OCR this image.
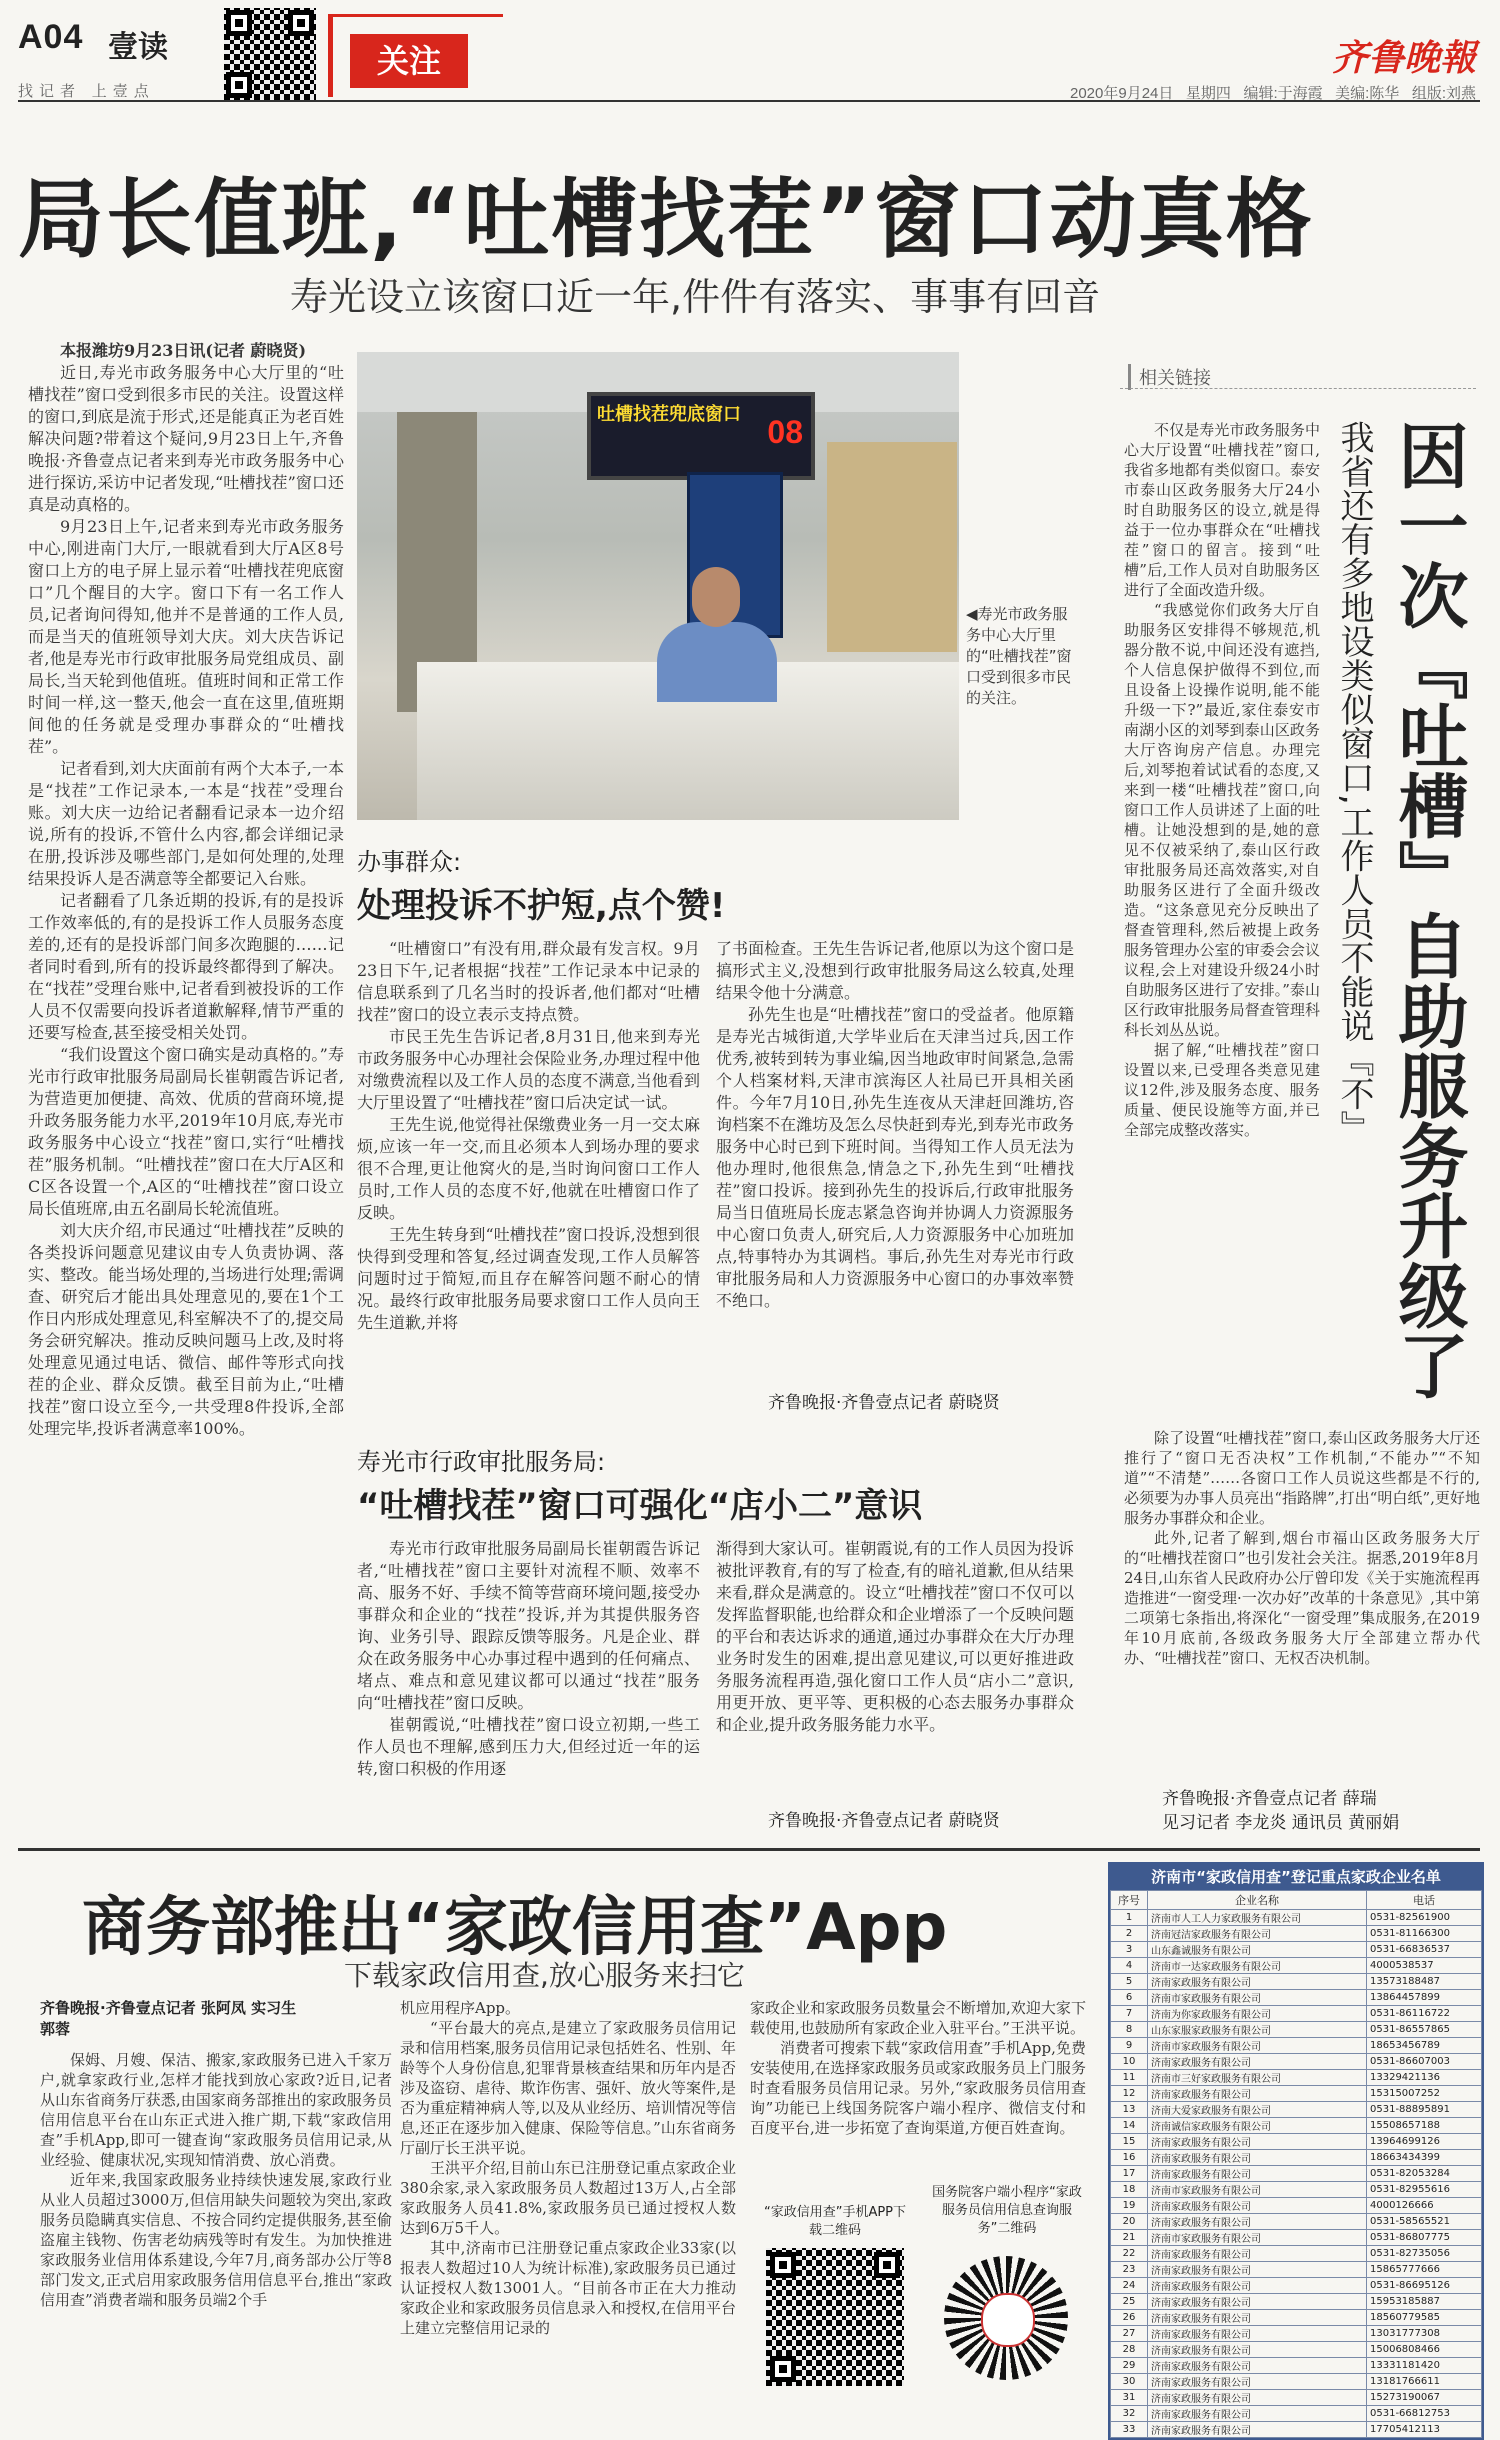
A04 壹读
找记者 上壹点
关注	齐鲁晚報
2020年9月24日 星期四 编辑:于海霞 美编:陈华 组版:刘燕
局长值班,“吐槽找茬”窗口动真格
寿光设立该窗口近一年,件件有落实、事事有回音

本报潍坊9月23日讯(记者 蔚晓贤)

近日,寿光市政务服务中心大厅里的“吐槽找茬”窗口受到很多市民的关注。设置这样的窗口,到底是流于形式,还是能真正为老百姓解决问题?带着这个疑问,9月23日上午,齐鲁晚报·齐鲁壹点记者来到寿光市政务服务中心进行探访,采访中记者发现,“吐槽找茬”窗口还真是动真格的。

9月23日上午,记者来到寿光市政务服务中心,刚进南门大厅,一眼就看到大厅A区8号窗口上方的电子屏上显示着“吐槽找茬兜底窗口”几个醒目的大字。窗口下有一名工作人员,记者询问得知,他并不是普通的工作人员,而是当天的值班领导刘大庆。刘大庆告诉记者,他是寿光市行政审批服务局党组成员、副局长,当天轮到他值班。值班时间和正常工作时间一样,这一整天,他会一直在这里,值班期间他的任务就是受理办事群众的“吐槽找茬”。

记者看到,刘大庆面前有两个大本子,一本是“找茬”工作记录本,一本是“找茬”受理台账。刘大庆一边给记者翻看记录本一边介绍说,所有的投诉,不管什么内容,都会详细记录在册,投诉涉及哪些部门,是如何处理的,处理结果投诉人是否满意等全都要记入台账。

记者翻看了几条近期的投诉,有的是投诉工作效率低的,有的是投诉工作人员服务态度差的,还有的是投诉部门间多次跑腿的……记者同时看到,所有的投诉最终都得到了解决。在“找茬”受理台账中,记者看到被投诉的工作人员不仅需要向投诉者道歉解释,情节严重的还要写检查,甚至接受相关处罚。

“我们设置这个窗口确实是动真格的。”寿光市行政审批服务局副局长崔朝霞告诉记者,为营造更加便捷、高效、优质的营商环境,提升政务服务能力水平,2019年10月底,寿光市政务服务中心设立“找茬”窗口,实行“吐槽找茬”服务机制。“吐槽找茬”窗口在大厅A区和C区各设置一个,A区的“吐槽找茬”窗口设立局长值班席,由五名副局长轮流值班。

刘大庆介绍,市民通过“吐槽找茬”反映的各类投诉问题意见建议由专人负责协调、落实、整改。能当场处理的,当场进行处理;需调查、研究后才能出具处理意见的,要在1个工作日内形成处理意见,科室解决不了的,提交局务会研究解决。推动反映问题马上改,及时将处理意见通过电话、微信、邮件等形式向找茬的企业、群众反馈。截至目前为止,“吐槽找茬”窗口设立至今,一共受理8件投诉,全部处理完毕,投诉者满意率100%。

吐槽找茬兜底窗口 08
◀寿光市政务服务中心大厅里的“吐槽找茬”窗口受到很多市民的关注。
办事群众:
处理投诉不护短,点个赞!

“吐槽窗口”有没有用,群众最有发言权。9月23日下午,记者根据“找茬”工作记录本中记录的信息联系到了几名当时的投诉者,他们都对“吐槽找茬”窗口的设立表示支持点赞。

市民王先生告诉记者,8月31日,他来到寿光市政务服务中心办理社会保险业务,办理过程中他对缴费流程以及工作人员的态度不满意,当他看到大厅里设置了“吐槽找茬”窗口后决定试一试。

王先生说,他觉得社保缴费业务一月一交太麻烦,应该一年一交,而且必须本人到场办理的要求很不合理,更让他窝火的是,当时询问窗口工作人员时,工作人员的态度不好,他就在吐槽窗口作了反映。

王先生转身到“吐槽找茬”窗口投诉,没想到很快得到受理和答复,经过调查发现,工作人员解答问题时过于简短,而且存在解答问题不耐心的情况。最终行政审批服务局要求窗口工作人员向王先生道歉,并将

了书面检查。王先生告诉记者,他原以为这个窗口是搞形式主义,没想到行政审批服务局这么较真,处理结果令他十分满意。

孙先生也是“吐槽找茬”窗口的受益者。他原籍是寿光古城街道,大学毕业后在天津当过兵,因工作优秀,被转到转为事业编,因当地政审时间紧急,急需个人档案材料,天津市滨海区人社局已开具相关函件。今年7月10日,孙先生连夜从天津赶回潍坊,咨询档案不在潍坊及怎么尽快赶到寿光,到寿光市政务服务中心时已到下班时间。当得知工作人员无法为他办理时,他很焦急,情急之下,孙先生到“吐槽找茬”窗口投诉。接到孙先生的投诉后,行政审批服务局当日值班局长庞志紧急咨询并协调人力资源服务中心窗口负责人,研究后,人力资源服务中心加班加点,特事特办为其调档。事后,孙先生对寿光市行政审批服务局和人力资源服务中心窗口的办事效率赞不绝口。

齐鲁晚报·齐鲁壹点记者 蔚晓贤
寿光市行政审批服务局:
“吐槽找茬”窗口可强化“店小二”意识

寿光市行政审批服务局副局长崔朝霞告诉记者,“吐槽找茬”窗口主要针对流程不顺、效率不高、服务不好、手续不简等营商环境问题,接受办事群众和企业的“找茬”投诉,并为其提供服务咨询、业务引导、跟踪反馈等服务。凡是企业、群众在政务服务中心办事过程中遇到的任何痛点、堵点、难点和意见建议都可以通过“找茬”服务向“吐槽找茬”窗口反映。

崔朝霞说,“吐槽找茬”窗口设立初期,一些工作人员也不理解,感到压力大,但经过近一年的运转,窗口积极的作用逐

渐得到大家认可。崔朝霞说,有的工作人员因为投诉被批评教育,有的写了检查,有的暗礼道歉,但从结果来看,群众是满意的。设立“吐槽找茬”窗口不仅可以发挥监督职能,也给群众和企业增添了一个反映问题的平台和表达诉求的通道,通过办事群众在大厅办理业务时发生的困难,提出意见建议,可以更好推进政务服务流程再造,强化窗口工作人员“店小二”意识,用更开放、更平等、更积极的心态去服务办事群众和企业,提升政务服务能力水平。

齐鲁晚报·齐鲁壹点记者 蔚晓贤
相关链接
因一次『吐槽』自助服务升级了
我省还有多地设类似窗口,工作人员不能说『不』

不仅是寿光市政务服务中心大厅设置“吐槽找茬”窗口,我省多地都有类似窗口。泰安市泰山区政务服务大厅24小时自助服务区的设立,就是得益于一位办事群众在“吐槽找茬”窗口的留言。接到“吐槽”后,工作人员对自助服务区进行了全面改造升级。

“我感觉你们政务大厅自助服务区安排得不够规范,机器分散不说,中间还没有遮挡,个人信息保护做得不到位,而且设备上设操作说明,能不能升级一下?”最近,家住泰安市南湖小区的刘琴到泰山区政务大厅咨询房产信息。办理完后,刘琴抱着试试看的态度,又来到一楼“吐槽找茬”窗口,向窗口工作人员讲述了上面的吐槽。让她没想到的是,她的意见不仅被采纳了,泰山区行政审批服务局还高效落实,对自助服务区进行了全面升级改造。“这条意见充分反映出了督查管理科,然后被提上政务服务管理办公室的审委会会议议程,会上对建设升级24小时自助服务区进行了安排。”泰山区行政审批服务局督查管理科科长刘丛丛说。

据了解,“吐槽找茬”窗口设置以来,已受理各类意见建议12件,涉及服务态度、服务质量、便民设施等方面,并已全部完成整改落实。

除了设置“吐槽找茬”窗口,泰山区政务服务大厅还推行了“窗口无否决权”工作机制,“不能办”“不知道”“不清楚”……各窗口工作人员说这些都是不行的,必须要为办事人员亮出“指路牌”,打出“明白纸”,更好地服务办事群众和企业。

此外,记者了解到,烟台市福山区政务服务大厅的“吐槽找茬窗口”也引发社会关注。据悉,2019年8月24日,山东省人民政府办公厅曾印发《关于实施流程再造推进“一窗受理·一次办好”改革的十条意见》,其中第二项第七条指出,将深化“一窗受理”集成服务,在2019年10月底前,各级政务服务大厅全部建立帮办代办、“吐槽找茬”窗口、无权否决机制。

齐鲁晚报·齐鲁壹点记者 薛瑞
见习记者 李龙炎 通讯员 黄丽娟
商务部推出“家政信用查”App
下载家政信用查,放心服务来扫它
齐鲁晚报·齐鲁壹点记者 张阿凤 实习生 郭蓉

保姆、月嫂、保洁、搬家,家政服务已进入千家万户,就拿家政行业,怎样才能找到放心家政?近日,记者从山东省商务厅获悉,由国家商务部推出的家政服务员信用信息平台在山东正式进入推广期,下载“家政信用查”手机App,即可一键查询“家政服务员信用记录,从业经验、健康状况,实现知情消费、放心消费。

近年来,我国家政服务业持续快速发展,家政行业从业人员超过3000万,但信用缺失问题较为突出,家政服务员隐瞒真实信息、不按合同约定提供服务,甚至偷盗雇主钱物、伤害老幼病残等时有发生。为加快推进家政服务业信用体系建设,今年7月,商务部办公厅等8部门发文,正式启用家政服务信用信息平台,推出“家政信用查”消费者端和服务员端2个手

机应用程序App。

“平台最大的亮点,是建立了家政服务员信用记录和信用档案,服务员信用记录包括姓名、性别、年龄等个人身份信息,犯罪背景核查结果和历年内是否涉及盗窃、虐待、欺诈伤害、强奸、放火等案件,是否为重症精神病人等,以及从业经历、培训情况等信息,还正在逐步加入健康、保险等信息。”山东省商务厅副厅长王洪平说。

王洪平介绍,目前山东已注册登记重点家政企业380余家,录入家政服务员人数超过13万人,占全部家政服务人员41.8%,家政服务员已通过授权人数达到6万5千人。

其中,济南市已注册登记重点家政企业33家(以报表人数超过10人为统计标准),家政服务员已通过认证授权人数13001人。“目前各市正在大力推动家政企业和家政服务员信息录入和授权,在信用平台上建立完整信用记录的

家政企业和家政服务员数量会不断增加,欢迎大家下载使用,也鼓励所有家政企业入驻平台。”王洪平说。

消费者可搜索下载“家政信用查”手机App,免费安装使用,在选择家政服务员或家政服务员上门服务时查看服务员信用记录。另外,“家政服务员信用查询”功能已上线国务院客户端小程序、微信支付和百度平台,进一步拓宽了查询渠道,方便百姓查询。

“家政信用查”手机APP下载二维码
国务院客户端小程序“家政服务员信用信息查询服务”二维码
济南市“家政信用查”登记重点家政企业名单
序号	企业名称	电话
1	济南市人工人力家政服务有限公司	0531-82561900
2	济南冠洁家政服务有限公司	0531-81166300
3	山东鑫诚服务有限公司	0531-66836537
4	济南市一达家政服务有限公司	4000538537
5	济南家政服务有限公司	13573188487
6	济南市家政服务有限公司	13864457899
7	济南为你家政服务有限公司	0531-86116722
8	山东家服家政服务有限公司	0531-86557865
9	济南市家政服务有限公司	18653456789
10	济南家政服务有限公司	0531-86607003
11	济南市三好家政服务有限公司	13329421136
12	济南家政服务有限公司	15315007252
13	济南大爱家政服务有限公司	0531-88895891
14	济南诚信家政服务有限公司	15508657188
15	济南家政服务有限公司	13964699126
16	济南家政服务有限公司	18663434399
17	济南家政服务有限公司	0531-82053284
18	济南市家政服务有限公司	0531-82955616
19	济南家政服务有限公司	4000126666
20	济南家政服务有限公司	0531-58565521
21	济南市家政服务有限公司	0531-86807775
22	济南家政服务有限公司	0531-82735056
23	济南家政服务有限公司	15865777666
24	济南家政服务有限公司	0531-86695126
25	济南家政服务有限公司	15953185887
26	济南家政服务有限公司	18560779585
27	济南家政服务有限公司	13031777308
28	济南家政服务有限公司	15006808466
29	济南家政服务有限公司	13331181420
30	济南家政服务有限公司	13181766611
31	济南家政服务有限公司	15273190067
32	济南家政服务有限公司	0531-66812753
33	济南家政服务有限公司	17705412113
